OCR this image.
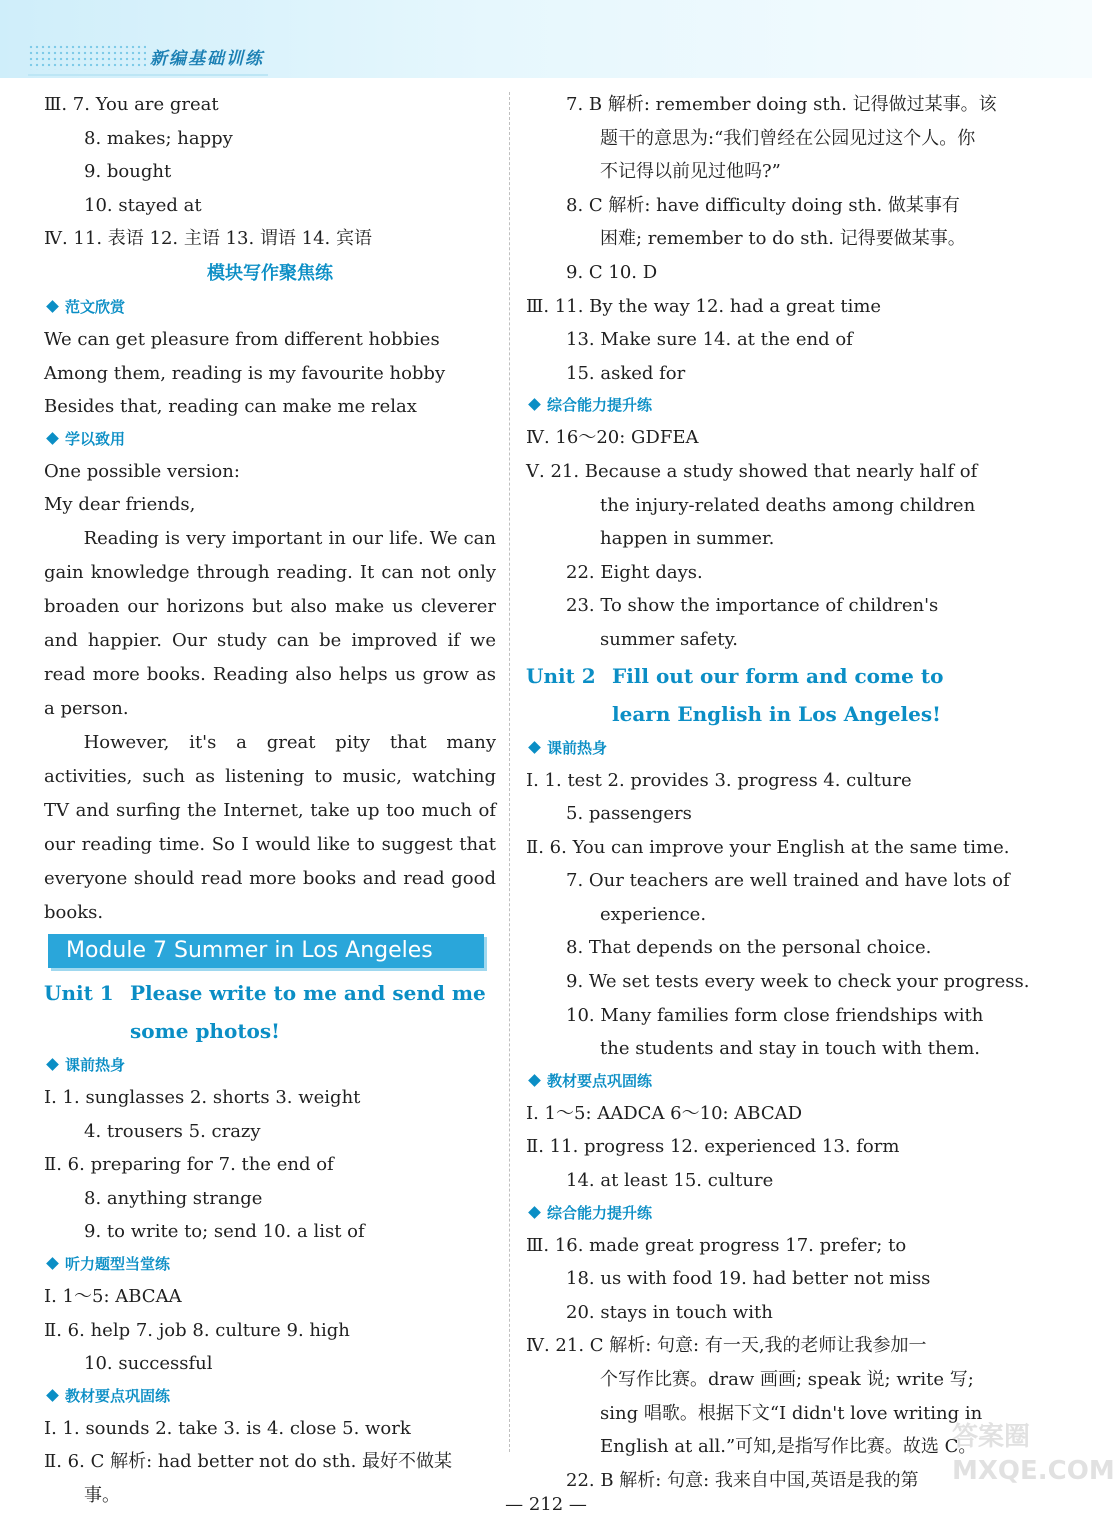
新编基础训练
Ⅲ. 7. You are great
8. makes; happy
9. bought
10. stayed at
Ⅳ. 11. 表语 12. 主语 13. 谓语 14. 宾语
模块写作聚焦练
范文欣赏
We can get pleasure from different hobbies
Among them, reading is my favourite hobby
Besides that, reading can make me relax
学以致用
One possible version:
My dear friends,
Reading is very important in our life. We can gain knowledge through reading. It can not only broaden our horizons but also make us cleverer and happier. Our study can be improved if we read more books. Reading also helps us grow as a person.
However, it's a great pity that many activities, such as listening to music, watching TV and surfing the Internet, take up too much of our reading time. So I would like to suggest that everyone should read more books and read good books.
Module 7 Summer in Los Angeles
Unit 1 Please write to me and send me some photos!
课前热身
Ⅰ. 1. sunglasses 2. shorts 3. weight
4. trousers 5. crazy
Ⅱ. 6. preparing for 7. the end of
8. anything strange
9. to write to; send 10. a list of
听力题型当堂练
Ⅰ. 1～5: ABCAA
Ⅱ. 6. help 7. job 8. culture 9. high
10. successful
教材要点巩固练
Ⅰ. 1. sounds 2. take 3. is 4. close 5. work
Ⅱ. 6. C 解析: had better not do sth. 最好不做某
事。
7. B 解析: remember doing sth. 记得做过某事。该
题干的意思为:“我们曾经在公园见过这个人。你
不记得以前见过他吗?”
8. C 解析: have difficulty doing sth. 做某事有
困难; remember to do sth. 记得要做某事。
9. C 10. D
Ⅲ. 11. By the way 12. had a great time
13. Make sure 14. at the end of
15. asked for
综合能力提升练
Ⅳ. 16～20: GDFEA
Ⅴ. 21. Because a study showed that nearly half of
the injury-related deaths among children
happen in summer.
22. Eight days.
23. To show the importance of children's
summer safety.
Unit 2 Fill out our form and come to learn English in Los Angeles!
课前热身
Ⅰ. 1. test 2. provides 3. progress 4. culture
5. passengers
Ⅱ. 6. You can improve your English at the same time.
7. Our teachers are well trained and have lots of
experience.
8. That depends on the personal choice.
9. We set tests every week to check your progress.
10. Many families form close friendships with
the students and stay in touch with them.
教材要点巩固练
Ⅰ. 1～5: AADCA 6～10: ABCAD
Ⅱ. 11. progress 12. experienced 13. form
14. at least 15. culture
综合能力提升练
Ⅲ. 16. made great progress 17. prefer; to
18. us with food 19. had better not miss
20. stays in touch with
Ⅳ. 21. C 解析: 句意: 有一天,我的老师让我参加一
个写作比赛。draw 画画; speak 说; write 写;
sing 唱歌。根据下文“I didn't love writing in
English at all.”可知,是指写作比赛。故选 C。
22. B 解析: 句意: 我来自中国,英语是我的第
— 212 —
答案圈
MXQE.COM
